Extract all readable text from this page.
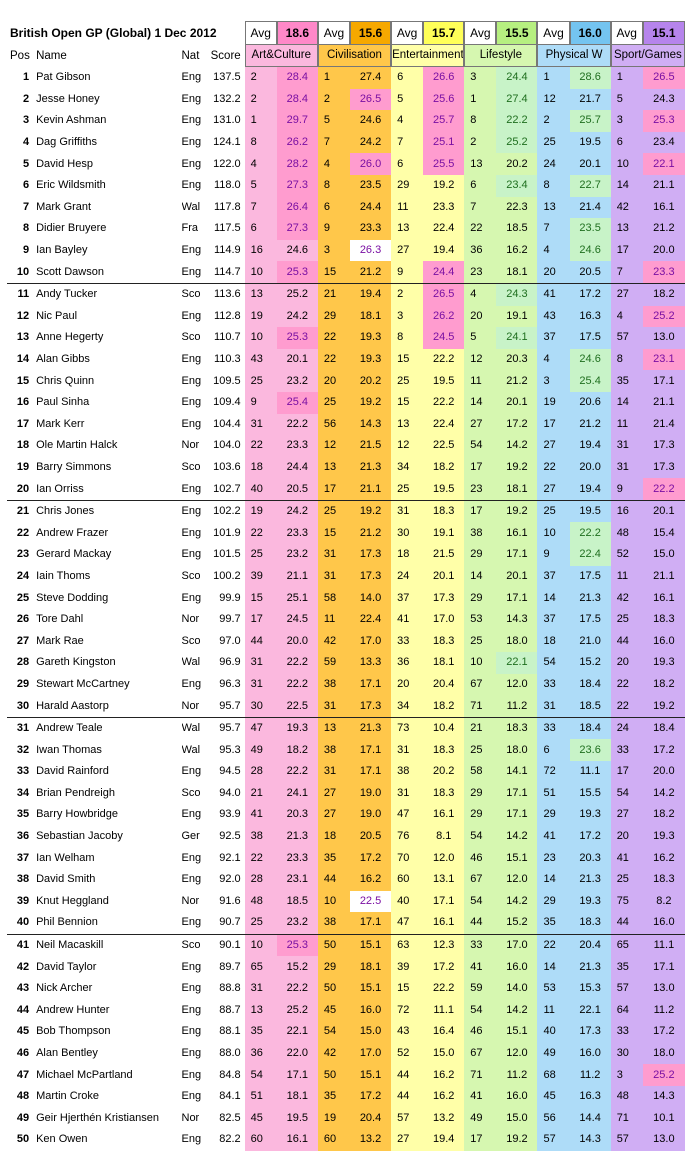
British Open GP (Global) 1 Dec 2012				Avg	18.6	Avg	15.6	Avg	15.7	Avg	15.5	Avg	16.0	Avg	15.1
Pos	Name	Nat	Score	Art&Culture		Civilisation		Entertainment		Lifestyle		Physical W		Sport/Games	
1	Pat Gibson	Eng	137.5	2	28.4	1	27.4	6	26.6	3	24.4	1	28.6	1	26.5
2	Jesse Honey	Eng	132.2	2	28.4	2	26.5	5	25.6	1	27.4	12	21.7	5	24.3
3	Kevin Ashman	Eng	131.0	1	29.7	5	24.6	4	25.7	8	22.2	2	25.7	3	25.3
4	Dag Griffiths	Eng	124.1	8	26.2	7	24.2	7	25.1	2	25.2	25	19.5	6	23.4
5	David Hesp	Eng	122.0	4	28.2	4	26.0	6	25.5	13	20.2	24	20.1	10	22.1
6	Eric Wildsmith	Eng	118.0	5	27.3	8	23.5	29	19.2	6	23.4	8	22.7	14	21.1
7	Mark Grant	Wal	117.8	7	26.4	6	24.4	11	23.3	7	22.3	13	21.4	42	16.1
8	Didier Bruyere	Fra	117.5	6	27.3	9	23.3	13	22.4	22	18.5	7	23.5	13	21.2
9	Ian Bayley	Eng	114.9	16	24.6	3	26.3	27	19.4	36	16.2	4	24.6	17	20.0
10	Scott Dawson	Eng	114.7	10	25.3	15	21.2	9	24.4	23	18.1	20	20.5	7	23.3
11	Andy Tucker	Sco	113.6	13	25.2	21	19.4	2	26.5	4	24.3	41	17.2	27	18.2
12	Nic Paul	Eng	112.8	19	24.2	29	18.1	3	26.2	20	19.1	43	16.3	4	25.2
13	Anne Hegerty	Sco	110.7	10	25.3	22	19.3	8	24.5	5	24.1	37	17.5	57	13.0
14	Alan Gibbs	Eng	110.3	43	20.1	22	19.3	15	22.2	12	20.3	4	24.6	8	23.1
15	Chris Quinn	Eng	109.5	25	23.2	20	20.2	25	19.5	11	21.2	3	25.4	35	17.1
16	Paul Sinha	Eng	109.4	9	25.4	25	19.2	15	22.2	14	20.1	19	20.6	14	21.1
17	Mark Kerr	Eng	104.4	31	22.2	56	14.3	13	22.4	27	17.2	17	21.2	11	21.4
18	Ole Martin Halck	Nor	104.0	22	23.3	12	21.5	12	22.5	54	14.2	27	19.4	31	17.3
19	Barry Simmons	Sco	103.6	18	24.4	13	21.3	34	18.2	17	19.2	22	20.0	31	17.3
20	Ian Orriss	Eng	102.7	40	20.5	17	21.1	25	19.5	23	18.1	27	19.4	9	22.2
21	Chris Jones	Eng	102.2	19	24.2	25	19.2	31	18.3	17	19.2	25	19.5	16	20.1
22	Andrew Frazer	Eng	101.9	22	23.3	15	21.2	30	19.1	38	16.1	10	22.2	48	15.4
23	Gerard Mackay	Eng	101.5	25	23.2	31	17.3	18	21.5	29	17.1	9	22.4	52	15.0
24	Iain Thoms	Sco	100.2	39	21.1	31	17.3	24	20.1	14	20.1	37	17.5	11	21.1
25	Steve Dodding	Eng	99.9	15	25.1	58	14.0	37	17.3	29	17.1	14	21.3	42	16.1
26	Tore Dahl	Nor	99.7	17	24.5	11	22.4	41	17.0	53	14.3	37	17.5	25	18.3
27	Mark Rae	Sco	97.0	44	20.0	42	17.0	33	18.3	25	18.0	18	21.0	44	16.0
28	Gareth Kingston	Wal	96.9	31	22.2	59	13.3	36	18.1	10	22.1	54	15.2	20	19.3
29	Stewart McCartney	Eng	96.3	31	22.2	38	17.1	20	20.4	67	12.0	33	18.4	22	18.2
30	Harald Aastorp	Nor	95.7	30	22.5	31	17.3	34	18.2	71	11.2	31	18.5	22	19.2
31	Andrew Teale	Wal	95.7	47	19.3	13	21.3	73	10.4	21	18.3	33	18.4	24	18.4
32	Iwan Thomas	Wal	95.3	49	18.2	38	17.1	31	18.3	25	18.0	6	23.6	33	17.2
33	David Rainford	Eng	94.5	28	22.2	31	17.1	38	20.2	58	14.1	72	11.1	17	20.0
34	Brian Pendreigh	Sco	94.0	21	24.1	27	19.0	31	18.3	29	17.1	51	15.5	54	14.2
35	Barry Howbridge	Eng	93.9	41	20.3	27	19.0	47	16.1	29	17.1	29	19.3	27	18.2
36	Sebastian Jacoby	Ger	92.5	38	21.3	18	20.5	76	8.1	54	14.2	41	17.2	20	19.3
37	Ian Welham	Eng	92.1	22	23.3	35	17.2	70	12.0	46	15.1	23	20.3	41	16.2
38	David Smith	Eng	92.0	28	23.1	44	16.2	60	13.1	67	12.0	14	21.3	25	18.3
39	Knut Heggland	Nor	91.6	48	18.5	10	22.5	40	17.1	54	14.2	29	19.3	75	8.2
40	Phil Bennion	Eng	90.7	25	23.2	38	17.1	47	16.1	44	15.2	35	18.3	44	16.0
41	Neil Macaskill	Sco	90.1	10	25.3	50	15.1	63	12.3	33	17.0	22	20.4	65	11.1
42	David Taylor	Eng	89.7	65	15.2	29	18.1	39	17.2	41	16.0	14	21.3	35	17.1
43	Nick Archer	Eng	88.8	31	22.2	50	15.1	15	22.2	59	14.0	53	15.3	57	13.0
44	Andrew Hunter	Eng	88.7	13	25.2	45	16.0	72	11.1	54	14.2	11	22.1	64	11.2
45	Bob Thompson	Eng	88.1	35	22.1	54	15.0	43	16.4	46	15.1	40	17.3	33	17.2
46	Alan Bentley	Eng	88.0	36	22.0	42	17.0	52	15.0	67	12.0	49	16.0	30	18.0
47	Michael McPartland	Eng	84.8	54	17.1	50	15.1	44	16.2	71	11.2	68	11.2	3	25.2
48	Martin Croke	Eng	84.1	51	18.1	35	17.2	44	16.2	41	16.0	45	16.3	48	14.3
49	Geir Hjerthén Kristiansen	Nor	82.5	45	19.5	19	20.4	57	13.2	49	15.0	56	14.4	71	10.1
50	Ken Owen	Eng	82.2	60	16.1	60	13.2	27	19.4	17	19.2	57	14.3	57	13.0
